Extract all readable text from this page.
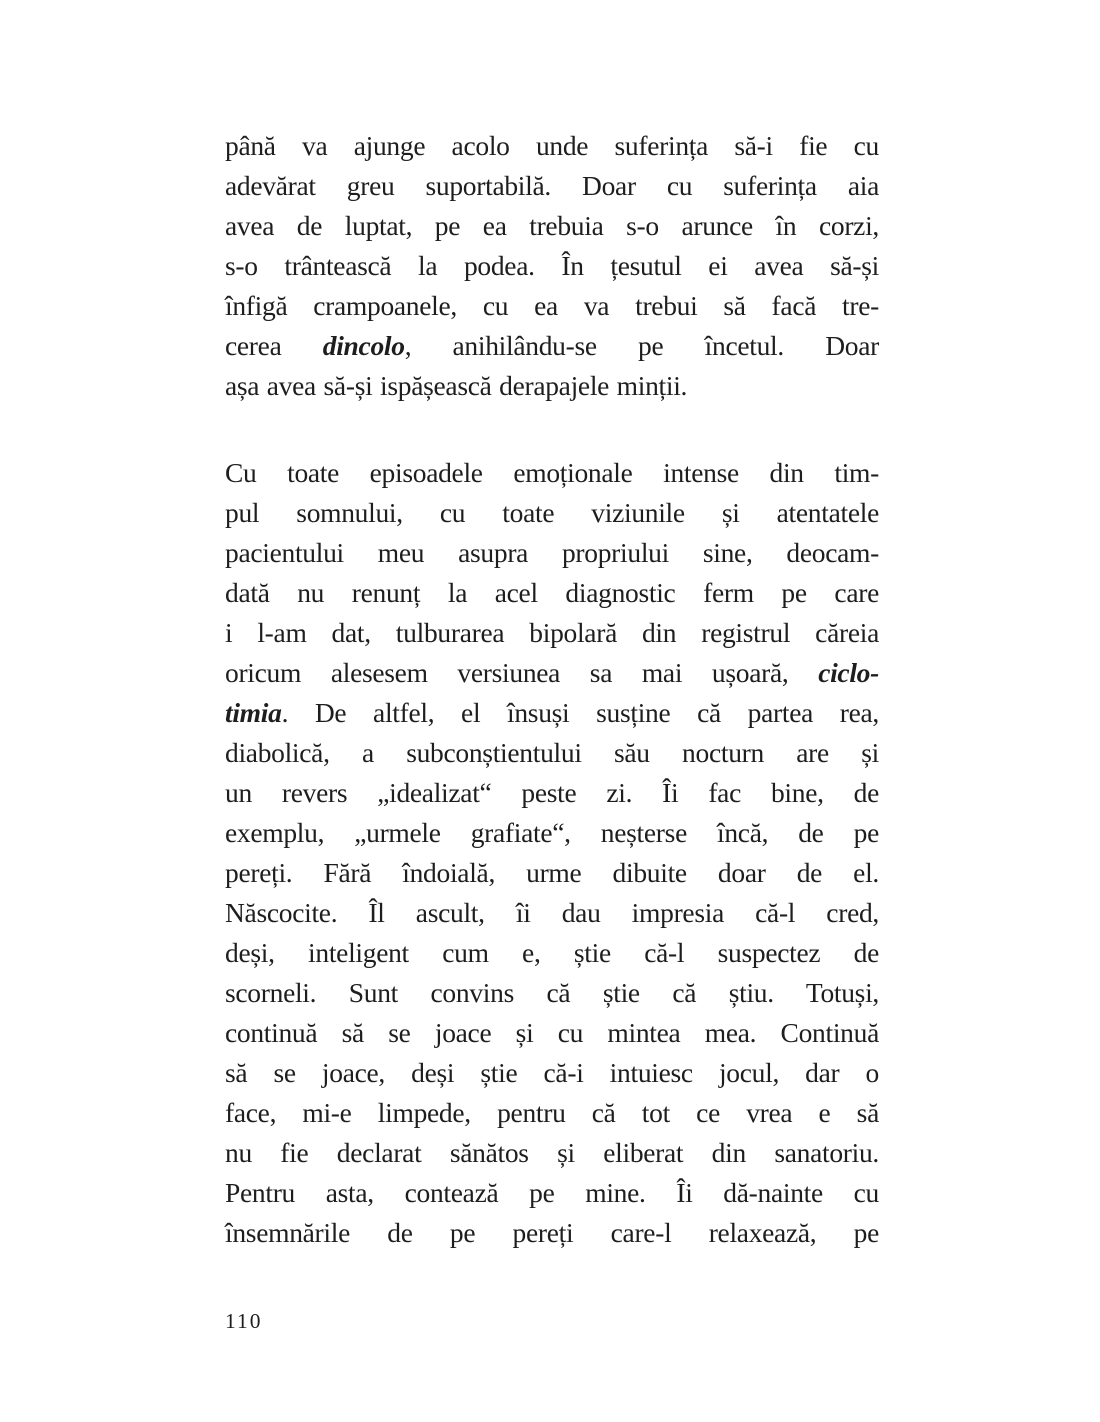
până va ajunge acolo unde suferința să-i fie cu
adevărat greu suportabilă. Doar cu suferința aia
avea de luptat, pe ea trebuia s-o arunce în corzi,
s-o trântească la podea. În țesutul ei avea să-și
înfigă crampoanele, cu ea va trebui să facă tre-
cerea dincolo, anihilându-se pe încetul. Doar
așa avea să-și ispășească derapajele minții.

Cu toate episoadele emoționale intense din tim-
pul somnului, cu toate viziunile și atentatele
pacientului meu asupra propriului sine, deocam-
dată nu renunț la acel diagnostic ferm pe care
i l-am dat, tulburarea bipolară din registrul căreia
oricum alesesem versiunea sa mai ușoară, ciclo-
timia. De altfel, el însuși susține că partea rea,
diabolică, a subconștientului său nocturn are și
un revers „idealizat“ peste zi. Îi fac bine, de
exemplu, „urmele grafiate“, neșterse încă, de pe
pereți. Fără îndoială, urme dibuite doar de el.
Născocite. Îl ascult, îi dau impresia că-l cred,
deși, inteligent cum e, știe că-l suspectez de
scorneli. Sunt convins că știe că știu. Totuși,
continuă să se joace și cu mintea mea. Continuă
să se joace, deși știe că-i intuiesc jocul, dar o
face, mi-e limpede, pentru că tot ce vrea e să
nu fie declarat sănătos și eliberat din sanatoriu.
Pentru asta, contează pe mine. Îi dă-nainte cu
însemnările de pe pereți care-l relaxează, pe

110
